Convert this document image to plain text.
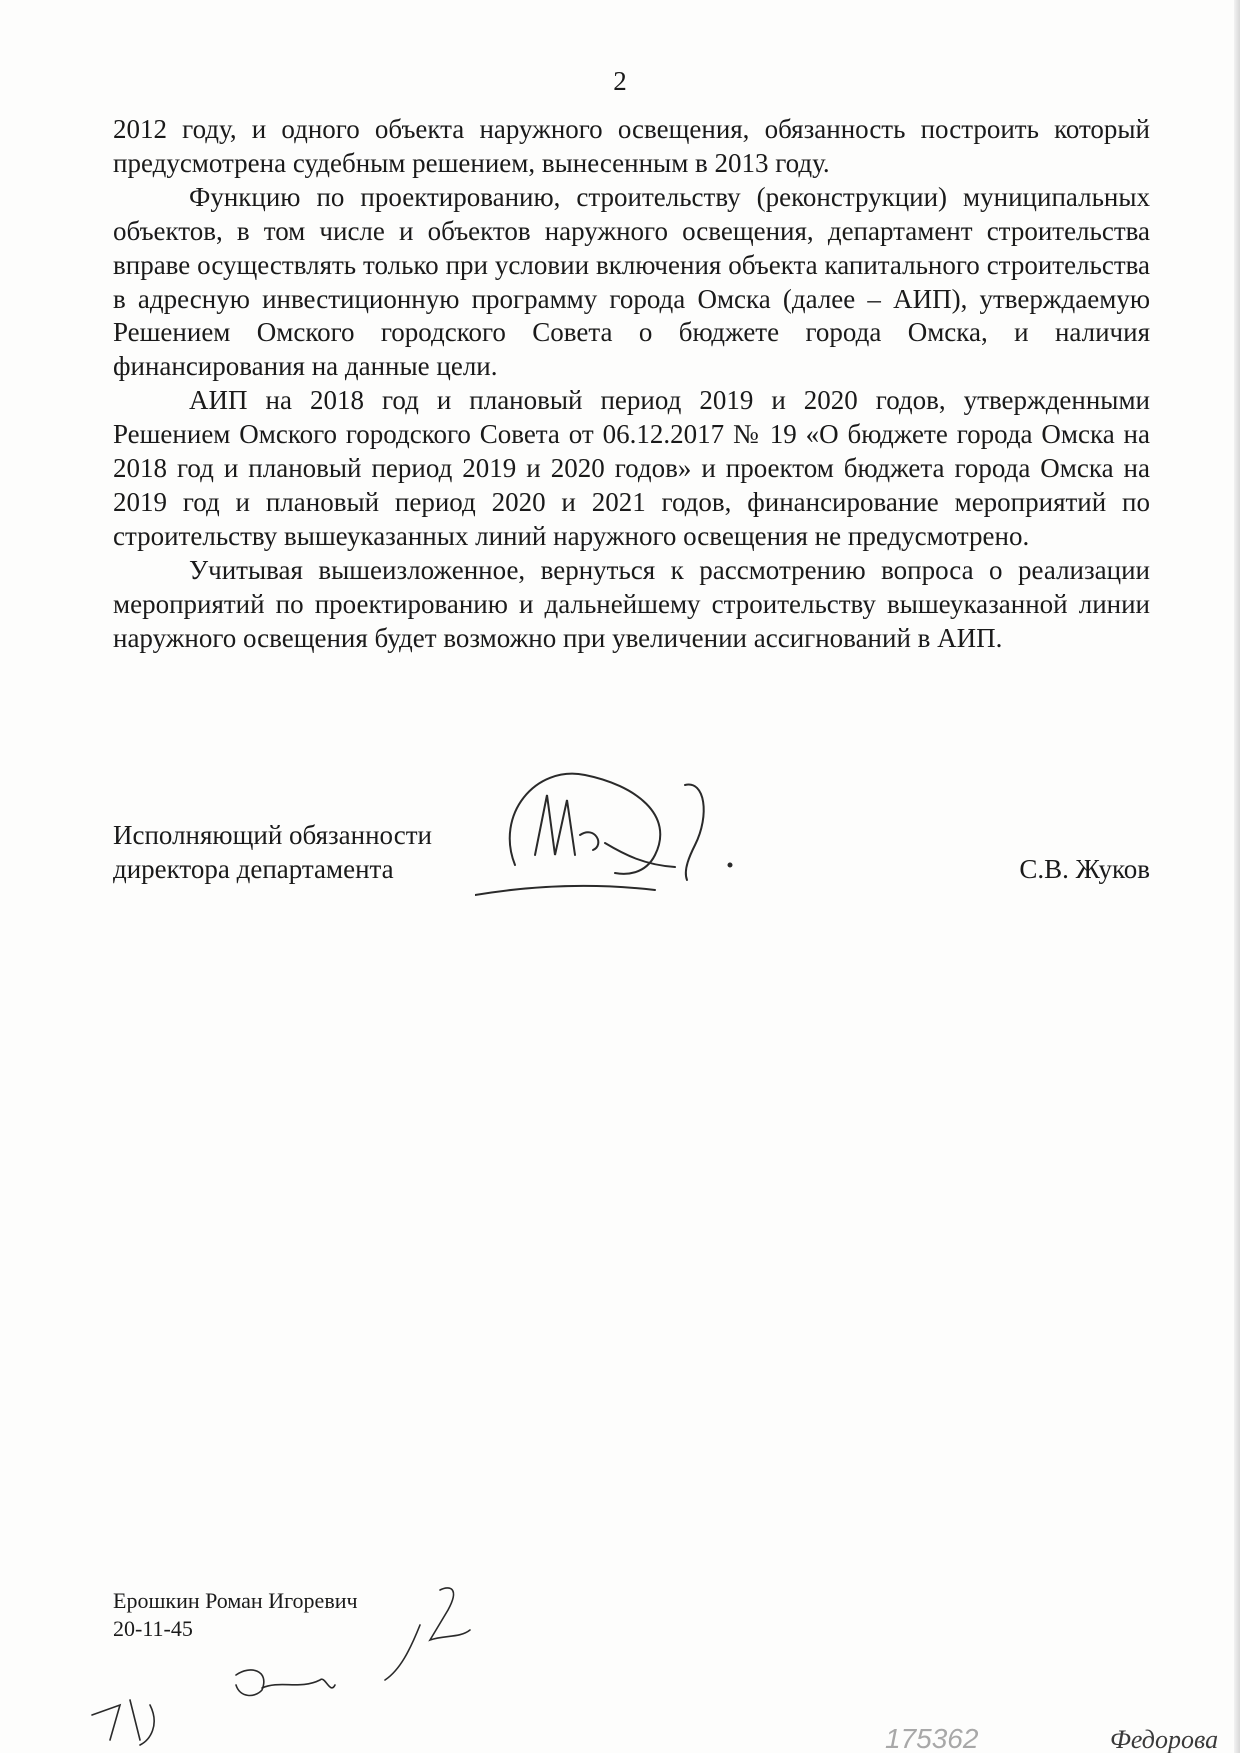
2

2012 году, и одного объекта наружного освещения, обязанность построить который предусмотрена судебным решением, вынесенным в 2013 году.

Функцию по проектированию, строительству (реконструкции) муниципальных объектов, в том числе и объектов наружного освещения, департамент строительства вправе осуществлять только при условии включения объекта капитального строительства в адресную инвестиционную программу города Омска (далее – АИП), утверждаемую Решением Омского городского Совета о бюджете города Омска, и наличия финансирования на данные цели.

АИП на 2018 год и плановый период 2019 и 2020 годов, утвержденными Решением Омского городского Совета от 06.12.2017 № 19 «О бюджете города Омска на 2018 год и плановый период 2019 и 2020 годов» и проектом бюджета города Омска на 2019 год и плановый период 2020 и 2021 годов, финансирование мероприятий по строительству вышеуказанных линий наружного освещения не предусмотрено.

Учитывая вышеизложенное, вернуться к рассмотрению вопроса о реализации мероприятий по проектированию и дальнейшему строительству вышеуказанной линии наружного освещения будет возможно при увеличении ассигнований в АИП.

Исполняющий обязанности
директора департамента	С.В. Жуков
Ерошкин Роман Игоревич
20-11-45
175362	Федорова
